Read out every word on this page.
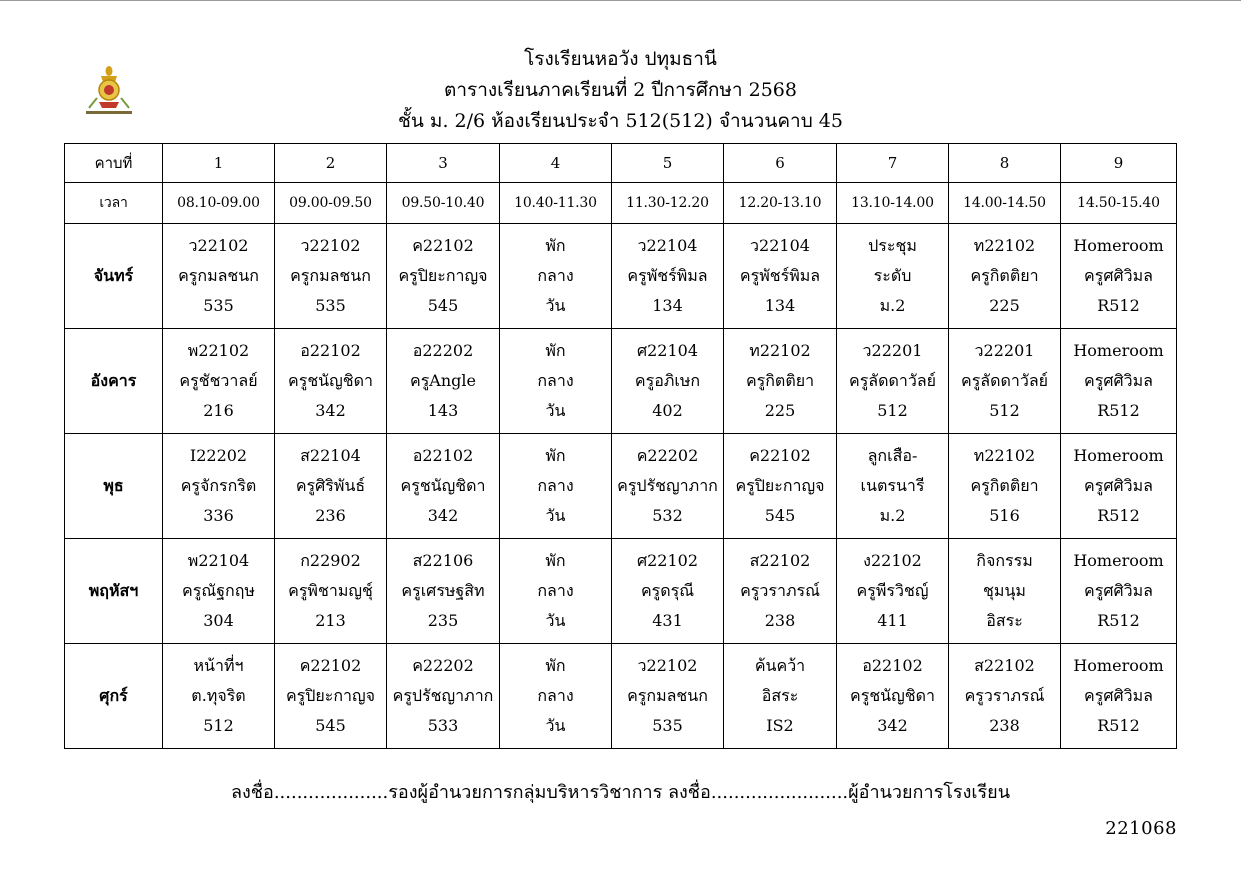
โรงเรียนหอวัง ปทุมธานี
ตารางเรียนภาคเรียนที่ 2 ปีการศึกษา 2568
ชั้น ม. 2/6 ห้องเรียนประจำ 512(512) จำนวนคาบ 45
คาบที่	1	2	3	4	5	6	7	8	9
เวลา	08.10-09.00	09.00-09.50	09.50-10.40	10.40-11.30	11.30-12.20	12.20-13.10	13.10-14.00	14.00-14.50	14.50-15.40
จันทร์	ว22102
ครูกมลชนก
535	ว22102
ครูกมลชนก
535	ค22102
ครูปิยะกาญจ
545	พัก
กลาง
วัน	ว22104
ครูพัชร์พิมล
134	ว22104
ครูพัชร์พิมล
134	ประชุม
ระดับ
ม.2	ท22102
ครูกิตติยา
225	Homeroom
ครูศศิวิมล
R512

อังคาร	พ22102
ครูชัชวาลย์
216	อ22102
ครูชนัญชิดา
342	อ22202
ครูAngle
143	พัก
กลาง
วัน	ศ22104
ครูอภิเษก
402	ท22102
ครูกิตติยา
225	ว22201
ครูลัดดาวัลย์
512	ว22201
ครูลัดดาวัลย์
512	Homeroom
ครูศศิวิมล
R512

พุธ	I22202
ครูจักรกริต
336	ส22104
ครูศิริพันธ์
236	อ22102
ครูชนัญชิดา
342	พัก
กลาง
วัน	ค22202
ครูปรัชญาภาก
532	ค22102
ครูปิยะกาญจ
545	ลูกเสือ-
เนตรนารี
ม.2	ท22102
ครูกิตติยา
516	Homeroom
ครูศศิวิมล
R512

พฤหัสฯ	พ22104
ครูณัฐกฤษ
304	ก22902
ครูพิชามญชุ์
213	ส22106
ครูเศรษฐสิท
235	พัก
กลาง
วัน	ศ22102
ครูดรุณี
431	ส22102
ครูวราภรณ์
238	ง22102
ครูพีรวิชญ์
411	กิจกรรม
ชุมนุม
อิสระ	Homeroom
ครูศศิวิมล
R512

ศุกร์	หน้าที่ฯ
ต.ทุจริต
512	ค22102
ครูปิยะกาญจ
545	ค22202
ครูปรัชญาภาก
533	พัก
กลาง
วัน	ว22102
ครูกมลชนก
535	ค้นคว้า
อิสระ
IS2	อ22102
ครูชนัญชิดา
342	ส22102
ครูวราภรณ์
238	Homeroom
ครูศศิวิมล
R512
ลงชื่อ....................รองผู้อำนวยการกลุ่มบริหารวิชาการ ลงชื่อ........................ผู้อำนวยการโรงเรียน
221068
